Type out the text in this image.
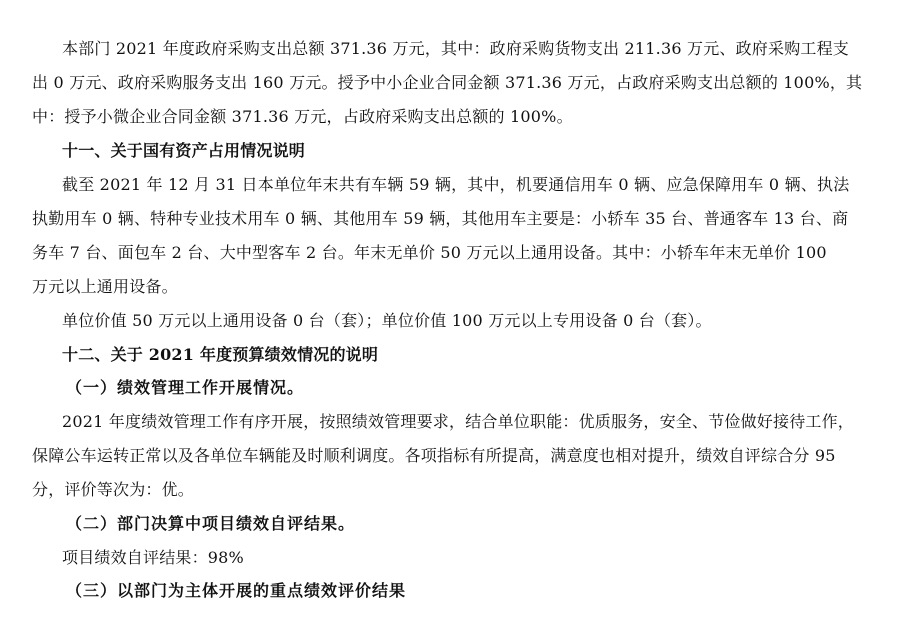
本部门 2021 年度政府采购支出总额 371.36 万元，其中：政府采购货物支出 211.36 万元、政府采购工程支
出 0 万元、政府采购服务支出 160 万元。授予中小企业合同金额 371.36 万元，占政府采购支出总额的 100%，其
中：授予小微企业合同金额 371.36 万元，占政府采购支出总额的 100%。
十一、关于国有资产占用情况说明
截至 2021 年 12 月 31 日本单位年末共有车辆 59 辆，其中，机要通信用车 0 辆、应急保障用车 0 辆、执法
执勤用车 0 辆、特种专业技术用车 0 辆、其他用车 59 辆，其他用车主要是：小轿车 35 台、普通客车 13 台、商
务车 7 台、面包车 2 台、大中型客车 2 台。年末无单价 50 万元以上通用设备。其中：小轿车年末无单价 100
万元以上通用设备。
单位价值 50 万元以上通用设备 0 台（套）；单位价值 100 万元以上专用设备 0 台（套）。
十二、关于 2021 年度预算绩效情况的说明
（一）绩效管理工作开展情况。
2021 年度绩效管理工作有序开展，按照绩效管理要求，结合单位职能：优质服务，安全、节俭做好接待工作，
保障公车运转正常以及各单位车辆能及时顺利调度。各项指标有所提高，满意度也相对提升，绩效自评综合分 95
分，评价等次为：优。
（二）部门决算中项目绩效自评结果。
项目绩效自评结果：98%
（三）以部门为主体开展的重点绩效评价结果
